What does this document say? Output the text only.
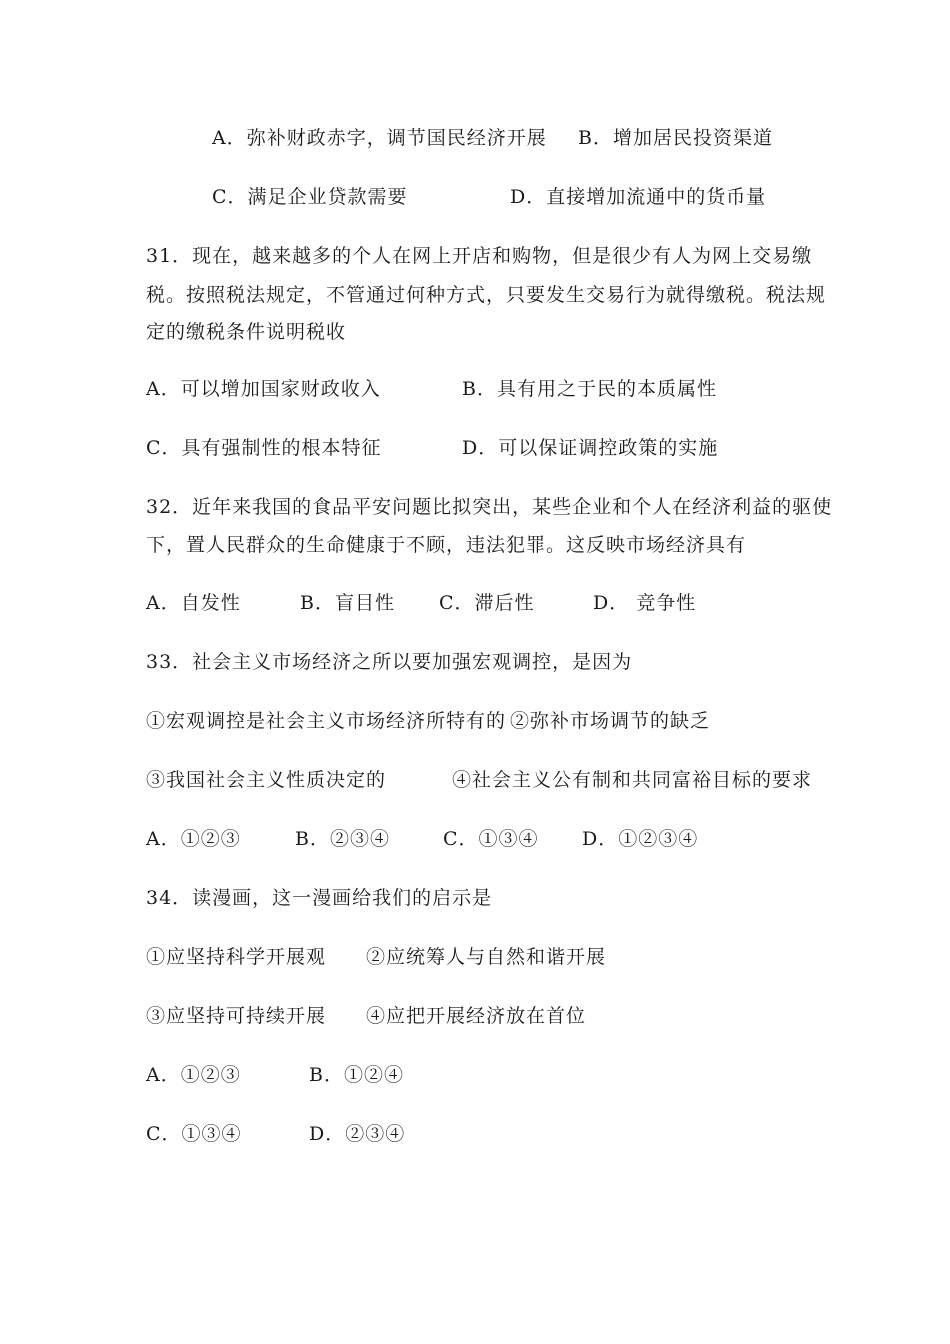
A．弥补财政赤字，调节国民经济开展 B．增加居民投资渠道
C．满足企业贷款需要	D．直接增加流通中的货币量
31．现在，越来越多的个人在网上开店和购物，但是很少有人为网上交易缴
税。按照税法规定，不管通过何种方式，只要发生交易行为就得缴税。税法规
定的缴税条件说明税收
A．可以增加国家财政收入	B．具有用之于民的本质属性
C．具有强制性的根本特征	D．可以保证调控政策的实施
32．近年来我国的食品平安问题比拟突出，某些企业和个人在经济利益的驱使
下，置人民群众的生命健康于不顾，违法犯罪。这反映市场经济具有
A．自发性	B．盲目性 C．滞后性	D． 竞争性
33．社会主义市场经济之所以要加强宏观调控，是因为
①宏观调控是社会主义市场经济所特有的 ②弥补市场调节的缺乏
③我国社会主义性质决定的	④社会主义公有制和共同富裕目标的要求
A．①②③	B．②③④	C．①③④ D．①②③④
34．读漫画，这一漫画给我们的启示是
①应坚持科学开展观 ②应统筹人与自然和谐开展
③应坚持可持续开展 ④应把开展经济放在首位
A．①②③	B．①②④
C．①③④	D．②③④
